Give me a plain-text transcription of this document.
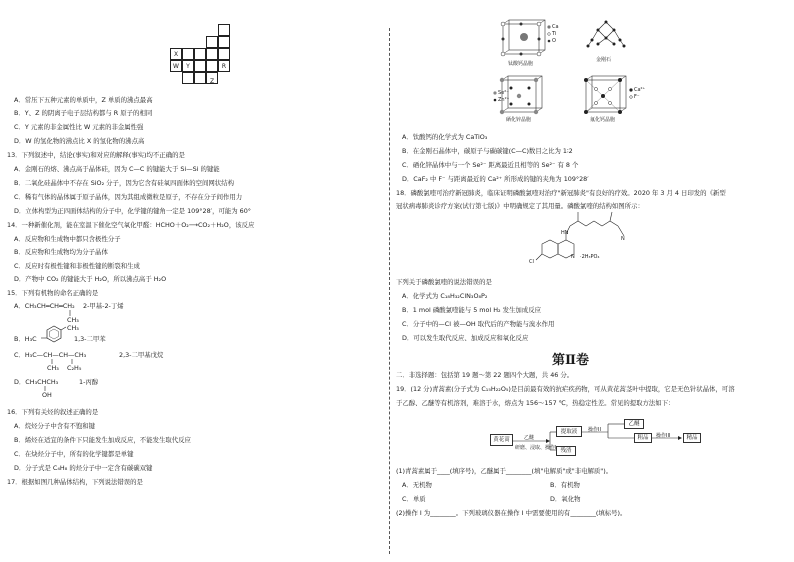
X
W	Y	R
Z
A．常压下五种元素的单质中，Z 单质的沸点最高
B．Y、Z 的阴离子电子层结构都与 R 原子的相同
C．Y 元素的非金属性比 W 元素的非金属性强
D．W 的氢化物的沸点比 X 的氢化物的沸点高
13．下列叙述中，结论(事实)和对应的解释(事实)均不正确的是
A．金刚石的熔、沸点高于晶体硅，因为 C—C 的键能大于 Si—Si 的键能
B．二氧化硅晶体中不存在 SiO₂ 分子，因为它含有硅氧四面体的空间网状结构
C．稀有气体的晶体属于原子晶体，因为其组成微粒是原子，不存在分子间作用力
D．立体构型为正四面体结构的分子中，化学键的键角一定是 109°28′，可能为 60°
14．一种新催化剂，能在室温下催化空气氧化甲醛：HCHO＋O₂⟶CO₂＋H₂O，该反应
A．反应物和生成物中都只含极性分子
B．反应物和生成物均为分子晶体
C．反应时有极性键和非极性键的断裂和生成
D．产物中 CO₂ 的键能大于 H₂O，所以沸点高于 H₂O
15．下列有机物的命名正确的是
A．CH₃CH═CH═CH₂ 2-甲基-2-丁烯
CH₃
B．H₃C
CH₃
1,3-二甲苯
C．H₃C—CH—CH—CH₃	2,3-二甲基戊烷
CH₃ C₂H₅
D．CH₃CHCH₃	1-丙醇
OH
16．下列有关烃的叙述正确的是
A．烷烃分子中含有不饱和键
B．烯烃在适宜的条件下只能发生加成反应，不能发生取代反应
C．在炔烃分子中，所有的化学键都是单键
D．分子式是 C₄H₈ 的烃分子中一定含有碳碳双键
17．根据如图几种晶体结构，下列说法错误的是
Ca
Ti
O
钛酸钙晶胞
金刚石
Se²⁻
Zn²⁺
硒化锌晶胞
Ca²⁺
F⁻
氟化钙晶胞
A．钛酸钙的化学式为 CaTiO₃
B．在金刚石晶体中，碳原子与碳碳键(C—C)数目之比为 1∶2
C．硒化锌晶体中与一个 Se²⁻ 距离最近且相等的 Se²⁻ 有 8 个
D．CaF₂ 中 F⁻ 与距离最近的 Ca²⁺ 所形成的键的夹角为 109°28′
18．磷酸氯喹可治疗新冠肺炎，临床证明磷酸氯喹对治疗"新冠肺炎"有良好的疗效。2020 年 3 月 4 日印发的《新型
冠状病毒肺炎诊疗方案(试行第七版)》中明确规定了其用量。磷酸氯喹的结构如图所示：
HN
N
N
Cl
·2H₃PO₄
下列关于磷酸氯喹的说法错误的是
A．化学式为 C₁₈H₃₂ClN₃O₈P₂
B．1 mol 磷酸氯喹能与 5 mol H₂ 发生加成反应
C．分子中的—Cl 被—OH 取代后的产物能与溴水作用
D．可以发生取代反应、加成反应和氧化反应
第Ⅱ卷
二．非选择题：包括第 19 题～第 22 题四个大题，共 46 分。
19．(12 分)青蒿素(分子式为 C₁₅H₂₂O₅)是目前最有效的抗疟疾药物，可从黄花蒿茎叶中提取，它是无色针状晶体，可溶
于乙醇、乙醚等有机溶剂，难溶于水，熔点为 156～157 ℃，热稳定性差。常见的提取方法如下：
黄花蒿	乙醚
研磨、浸取、操作I
提取液
残渣
操作II
乙醚
粗品	操作III	精品
(1)青蒿素属于____(填序号)，乙醚属于________(填"电解质"或"非电解质")。
A．无机物	B．有机物
C．单质	D．氧化物
(2)操作 I 为________。下列玻璃仪器在操作 I 中需要使用的有________(填标号)。
